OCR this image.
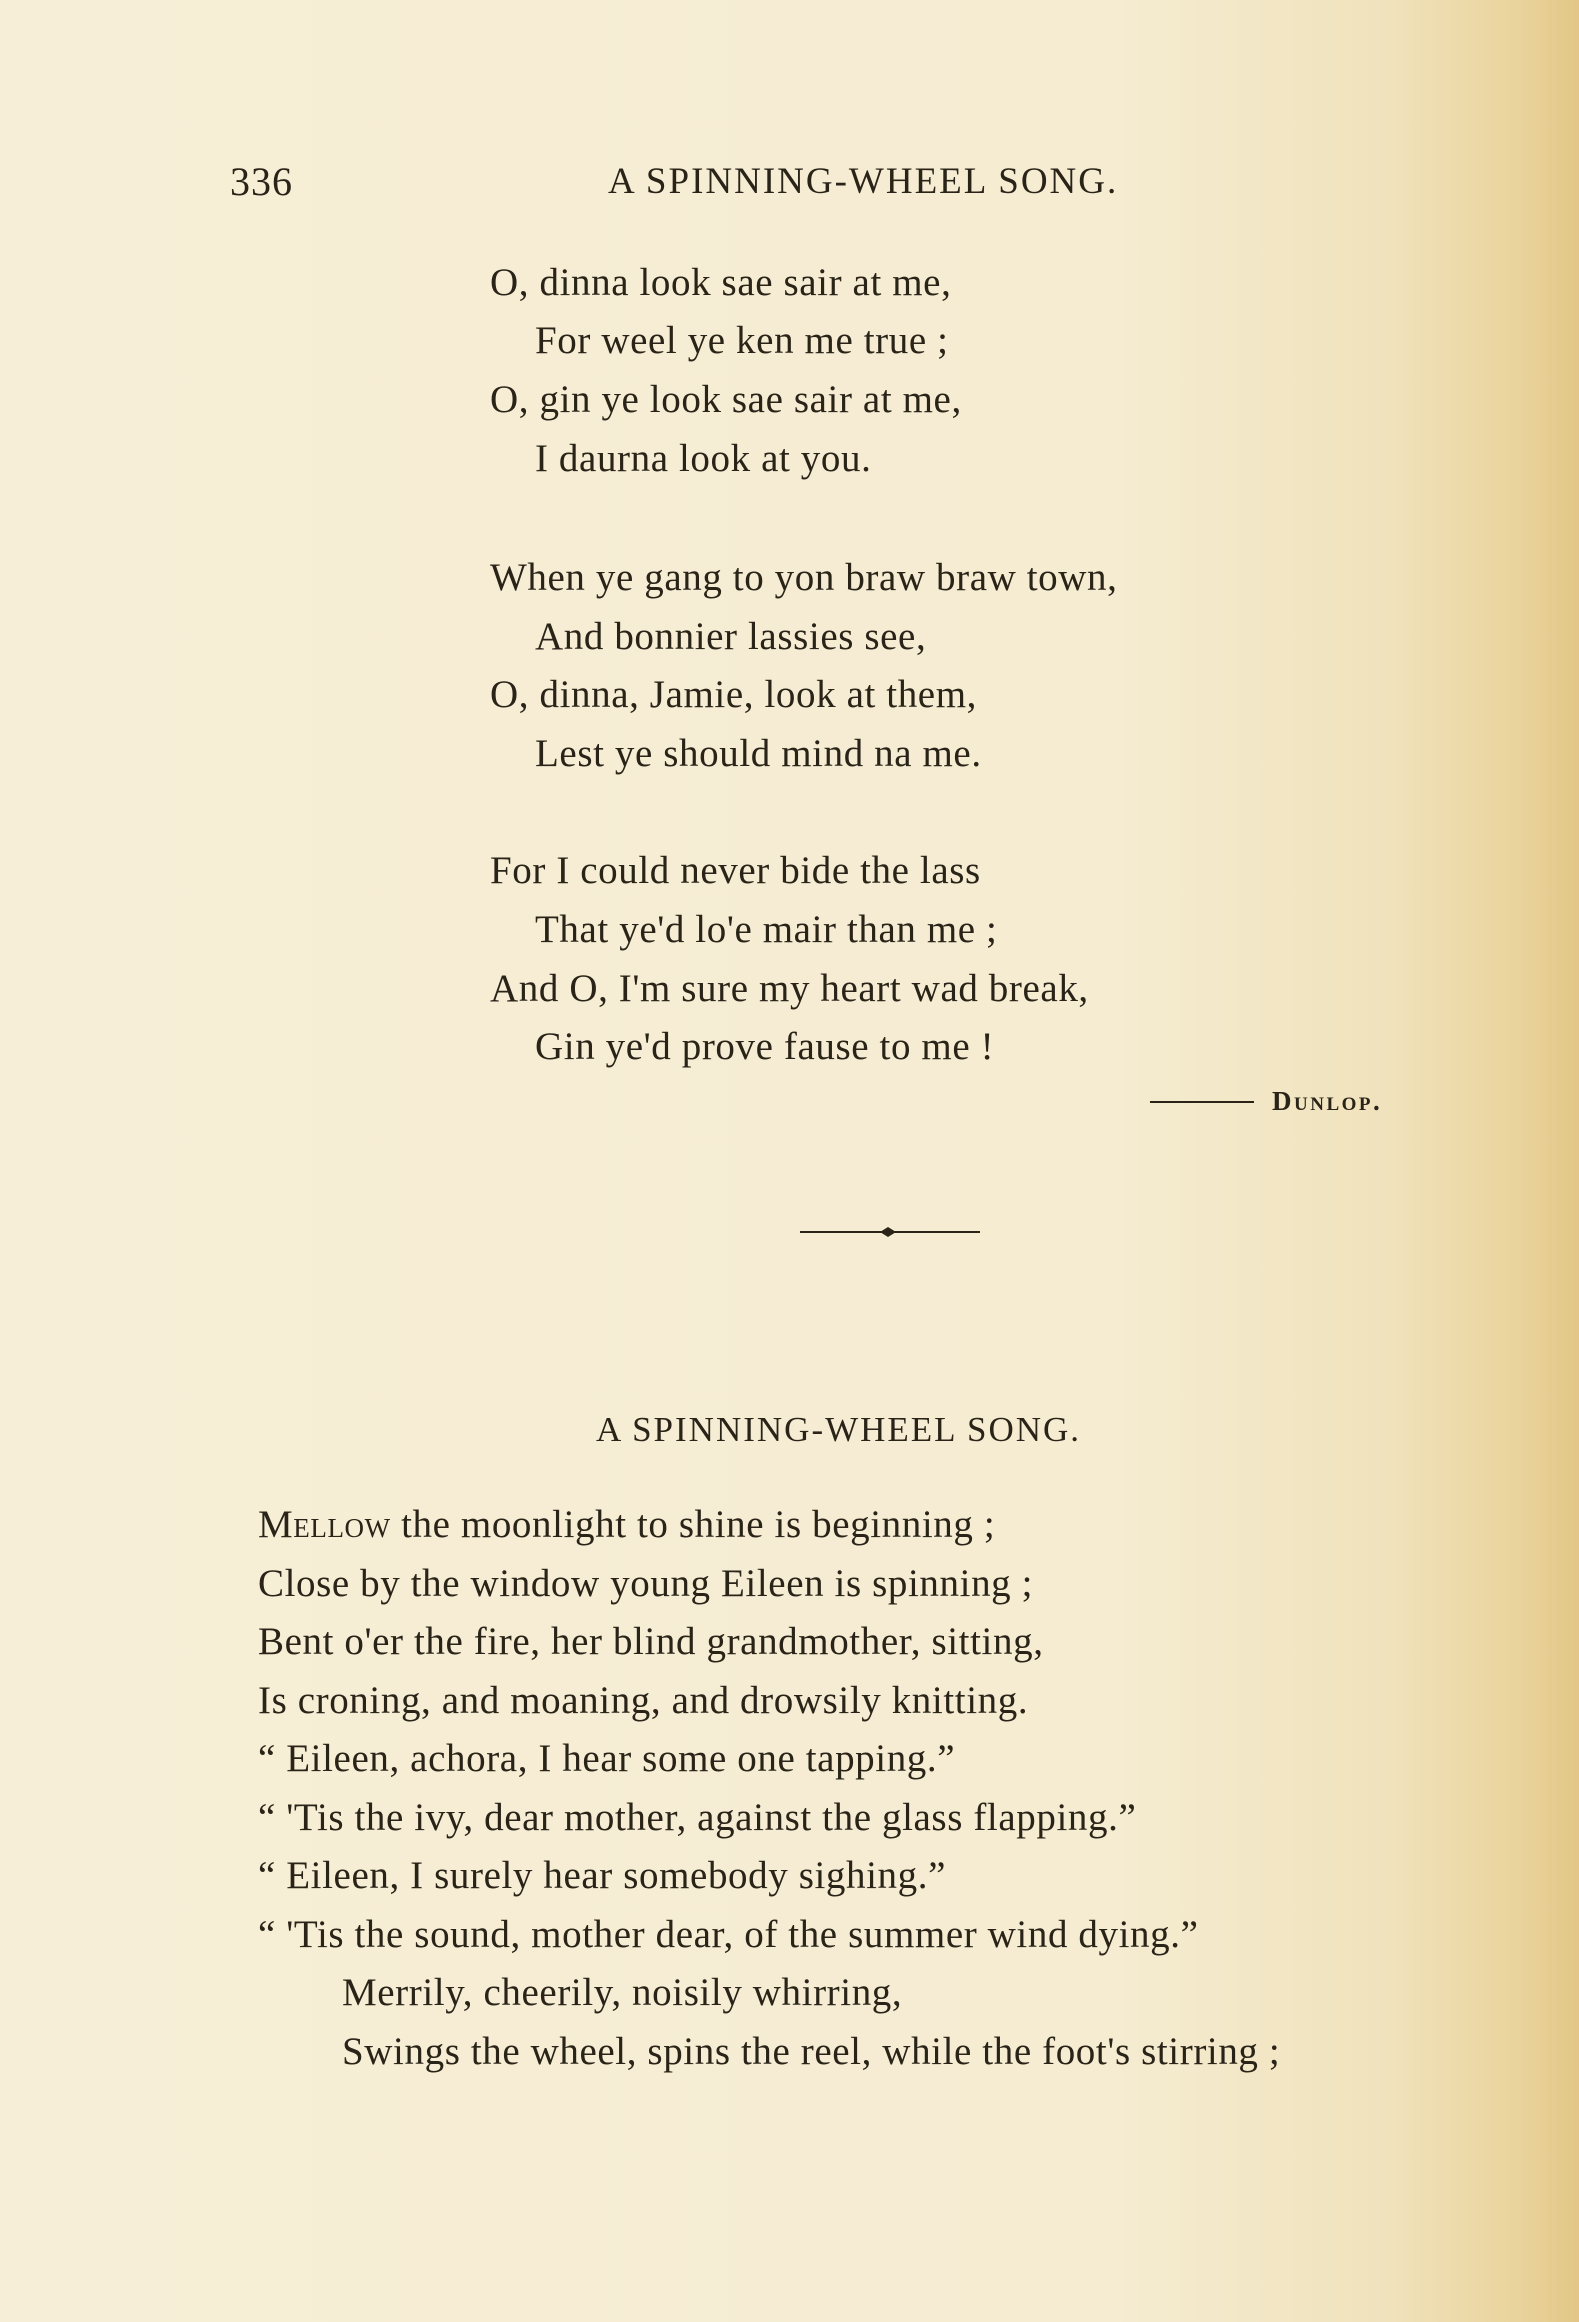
336	A SPINNING-WHEEL SONG.
O, dinna look sae sair at me,
For weel ye ken me true ;
O, gin ye look sae sair at me,
I daurna look at you.
When ye gang to yon braw braw town,
And bonnier lassies see,
O, dinna, Jamie, look at them,
Lest ye should mind na me.
For I could never bide the lass
That ye'd lo'e mair than me ;
And O, I'm sure my heart wad break,
Gin ye'd prove fause to me !
Dunlop.
A SPINNING-WHEEL SONG.
Mellow the moonlight to shine is beginning ;
Close by the window young Eileen is spinning ;
Bent o'er the fire, her blind grandmother, sitting,
Is croning, and moaning, and drowsily knitting.
“ Eileen, achora, I hear some one tapping.”
“ 'Tis the ivy, dear mother, against the glass flapping.”
“ Eileen, I surely hear somebody sighing.”
“ 'Tis the sound, mother dear, of the summer wind dying.”
Merrily, cheerily, noisily whirring,
Swings the wheel, spins the reel, while the foot's stirring ;
